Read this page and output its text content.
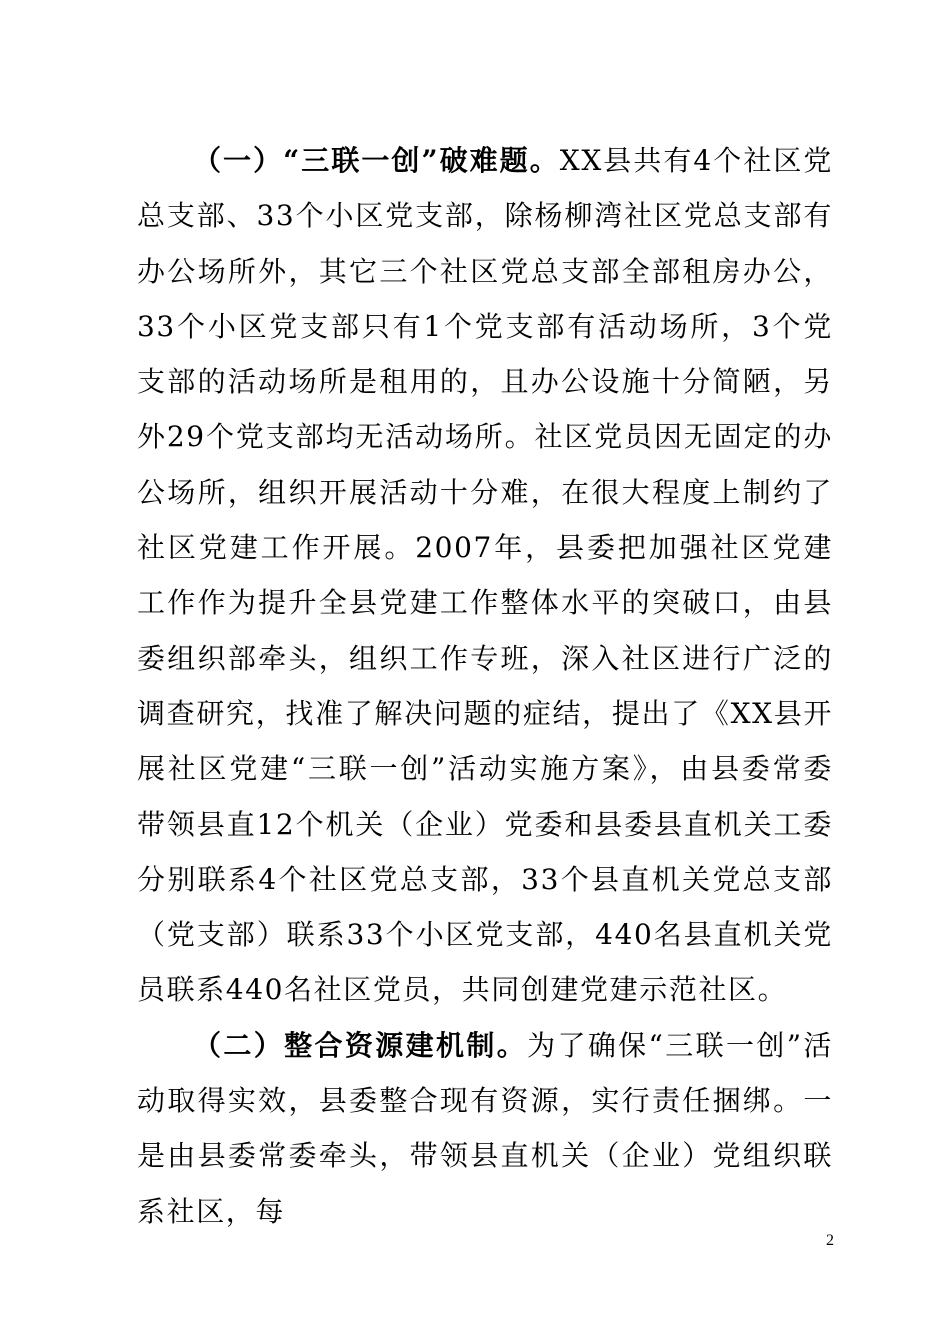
（一）“三联一创”破难题。XX县共有4个社区党总支部、33个小区党支部，除杨柳湾社区党总支部有办公场所外，其它三个社区党总支部全部租房办公，33个小区党支部只有1个党支部有活动场所，3个党支部的活动场所是租用的，且办公设施十分简陋，另外29个党支部均无活动场所。社区党员因无固定的办公场所，组织开展活动十分难，在很大程度上制约了社区党建工作开展。2007年，县委把加强社区党建工作作为提升全县党建工作整体水平的突破口，由县委组织部牵头，组织工作专班，深入社区进行广泛的调查研究，找准了解决问题的症结，提出了《XX县开展社区党建“三联一创”活动实施方案》，由县委常委带领县直12个机关（企业）党委和县委县直机关工委分别联系4个社区党总支部，33个县直机关党总支部（党支部）联系33个小区党支部，440名县直机关党员联系440名社区党员，共同创建党建示范社区。

（二）整合资源建机制。为了确保“三联一创”活动取得实效，县委整合现有资源，实行责任捆绑。一是由县委常委牵头，带领县直机关（企业）党组织联系社区，每

2
